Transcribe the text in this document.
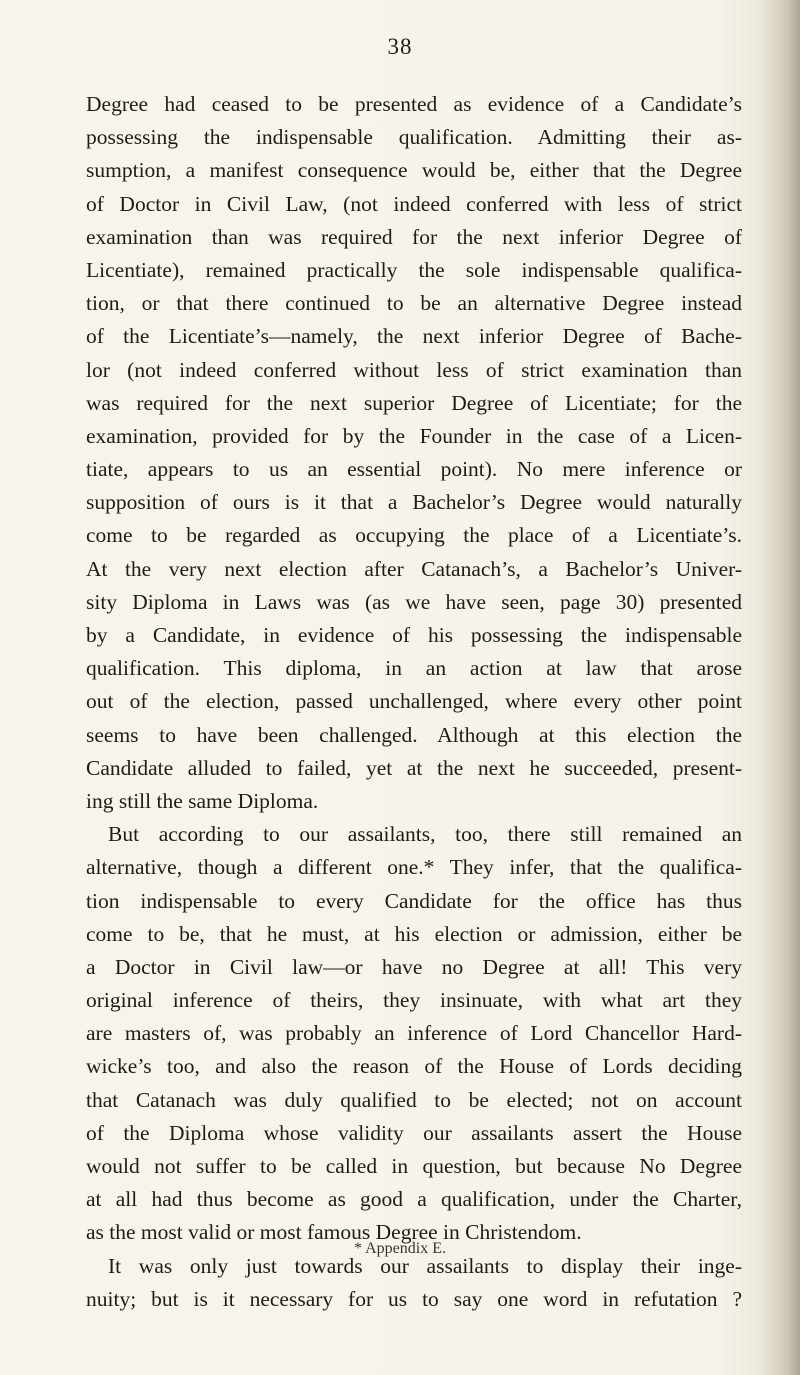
38
Degree had ceased to be presented as evidence of a Candidate’s
possessing the indispensable qualification. Admitting their as-
sumption, a manifest consequence would be, either that the Degree
of Doctor in Civil Law, (not indeed conferred with less of strict
examination than was required for the next inferior Degree of
Licentiate), remained practically the sole indispensable qualifica-
tion, or that there continued to be an alternative Degree instead
of the Licentiate’s—namely, the next inferior Degree of Bache-
lor (not indeed conferred without less of strict examination than
was required for the next superior Degree of Licentiate; for the
examination, provided for by the Founder in the case of a Licen-
tiate, appears to us an essential point). No mere inference or
supposition of ours is it that a Bachelor’s Degree would naturally
come to be regarded as occupying the place of a Licentiate’s.
At the very next election after Catanach’s, a Bachelor’s Univer-
sity Diploma in Laws was (as we have seen, page 30) presented
by a Candidate, in evidence of his possessing the indispensable
qualification. This diploma, in an action at law that arose
out of the election, passed unchallenged, where every other point
seems to have been challenged. Although at this election the
Candidate alluded to failed, yet at the next he succeeded, present-
ing still the same Diploma.
But according to our assailants, too, there still remained an
alternative, though a different one.* They infer, that the qualifica-
tion indispensable to every Candidate for the office has thus
come to be, that he must, at his election or admission, either be
a Doctor in Civil law—or have no Degree at all! This very
original inference of theirs, they insinuate, with what art they
are masters of, was probably an inference of Lord Chancellor Hard-
wicke’s too, and also the reason of the House of Lords deciding
that Catanach was duly qualified to be elected; not on account
of the Diploma whose validity our assailants assert the House
would not suffer to be called in question, but because No Degree
at all had thus become as good a qualification, under the Charter,
as the most valid or most famous Degree in Christendom.
It was only just towards our assailants to display their inge-
nuity; but is it necessary for us to say one word in refutation ?
* Appendix E.
